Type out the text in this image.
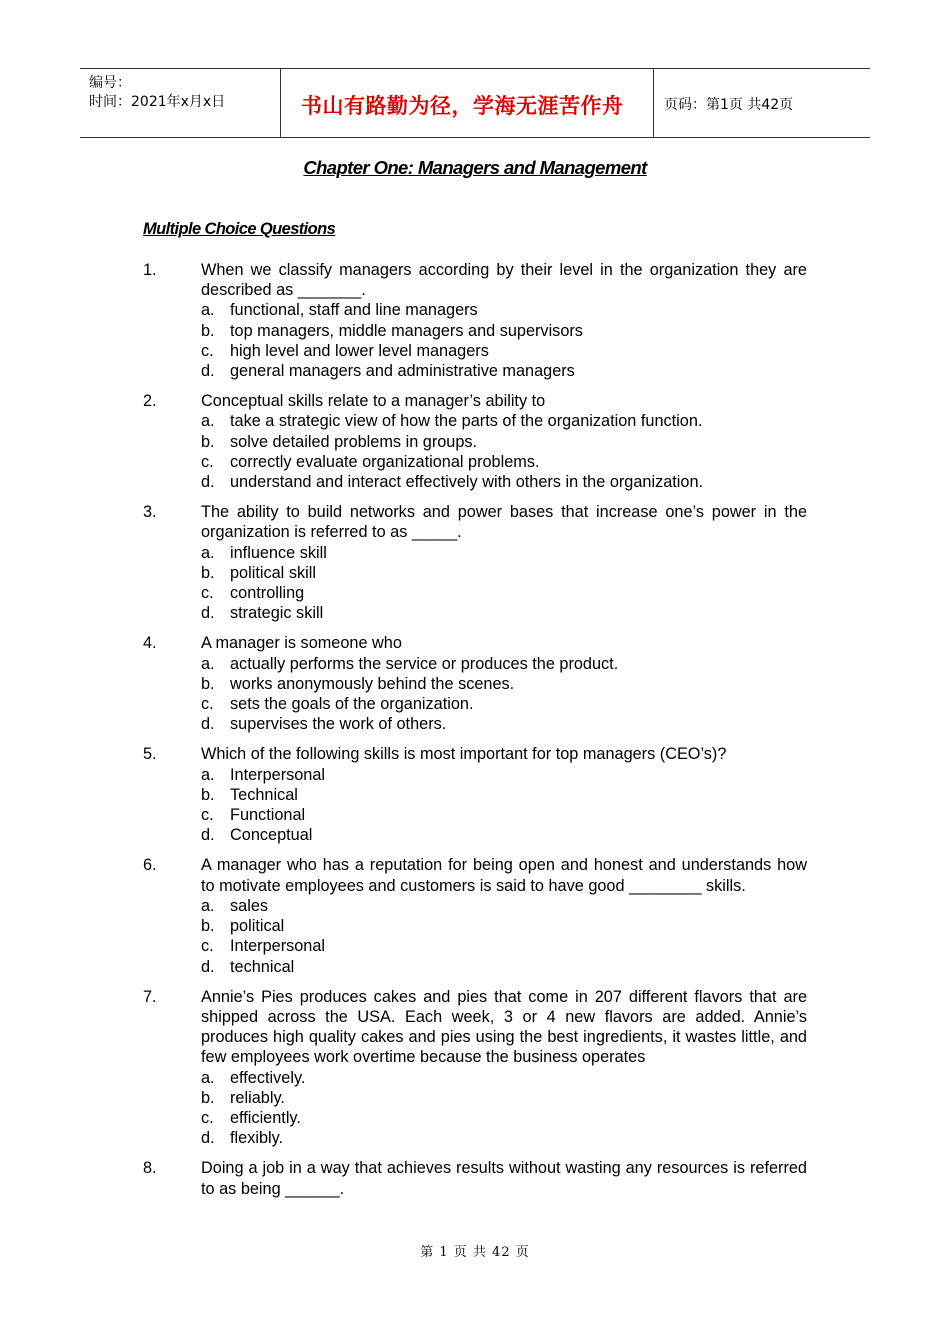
编号：
时间：2021年x月x日	书山有路勤为径，学海无涯苦作舟	页码：第1页 共42页
Chapter One: Managers and Management
Multiple Choice Questions
1.	When we classify managers according by their level in the organization they are described as _______.
a. functional, staff and line managers
b. top managers, middle managers and supervisors
c. high level and lower level managers
d. general managers and administrative managers
2.	Conceptual skills relate to a manager’s ability to
a. take a strategic view of how the parts of the organization function.
b. solve detailed problems in groups.
c. correctly evaluate organizational problems.
d. understand and interact effectively with others in the organization.
3.	The ability to build networks and power bases that increase one’s power in the organization is referred to as _____.
a. influence skill
b. political skill
c. controlling
d. strategic skill
4.	A manager is someone who
a. actually performs the service or produces the product.
b. works anonymously behind the scenes.
c. sets the goals of the organization.
d. supervises the work of others.
5.	Which of the following skills is most important for top managers (CEO’s)?
a. Interpersonal
b. Technical
c. Functional
d. Conceptual
6.	A manager who has a reputation for being open and honest and understands how to motivate employees and customers is said to have good ________ skills.
a. sales
b. political
c. Interpersonal
d. technical
7.	Annie’s Pies produces cakes and pies that come in 207 different flavors that are shipped across the USA. Each week, 3 or 4 new flavors are added. Annie’s produces high quality cakes and pies using the best ingredients, it wastes little, and few employees work overtime because the business operates
a. effectively.
b. reliably.
c. efficiently.
d. flexibly.
8.	Doing a job in a way that achieves results without wasting any resources is referred to as being ______.
第 1 页 共 42 页
